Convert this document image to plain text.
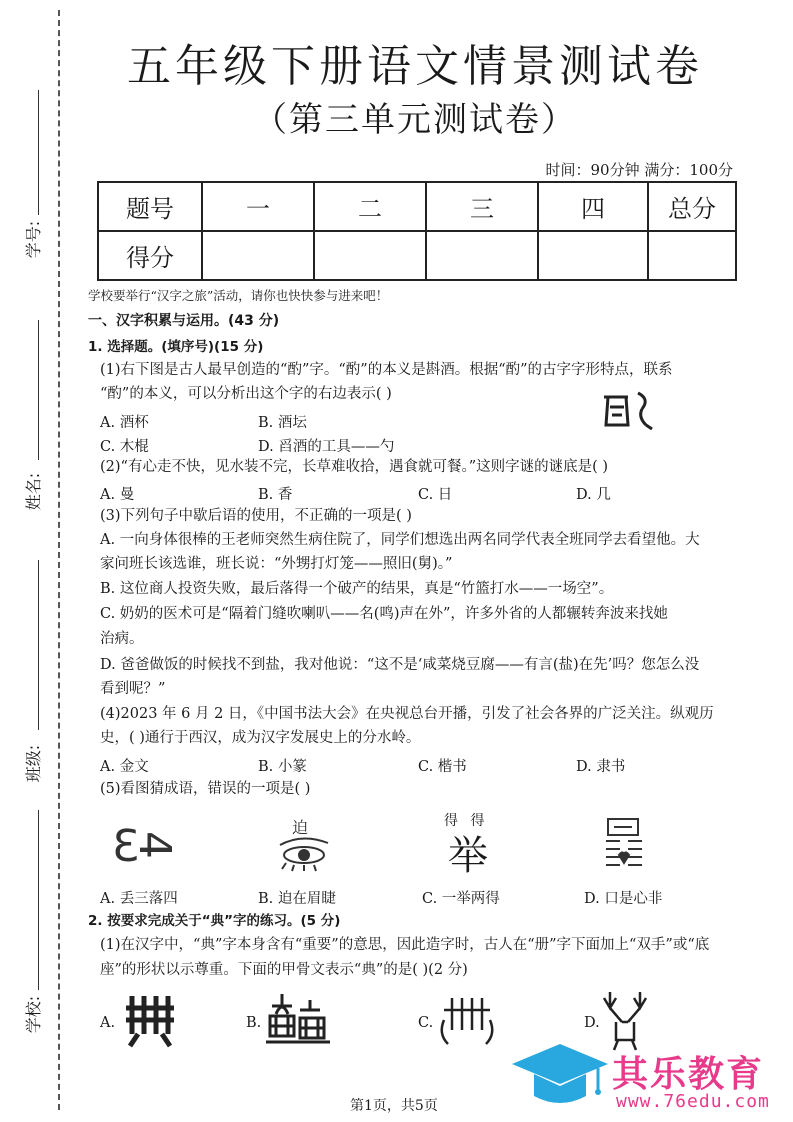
学号:
姓名:
班级:
学校:
五年级下册语文情景测试卷
（第三单元测试卷）
时间：90分钟 满分：100分
题号	一	二	三	四	总分
得分					
学校要举行“汉字之旅”活动，请你也快快参与进来吧！
一、汉字积累与运用。(43 分)
1. 选择题。(填序号)(15 分)
(1)右下图是古人最早创造的“酌”字。“酌”的本义是斟酒。根据“酌”的古字字形特点，联系
“酌”的本义，可以分析出这个字的右边表示( )
A. 酒杯	B. 酒坛
C. 木棍	D. 舀酒的工具——勺
(2)“有心走不快，见水装不完，长草难收拾，遇食就可餐。”这则字谜的谜底是( )
A. 曼	B. 香	C. 日	D. 几
(3)下列句子中歇后语的使用，不正确的一项是( )
A. 一向身体很棒的王老师突然生病住院了，同学们想选出两名同学代表全班同学去看望他。大
家问班长该选谁，班长说：“外甥打灯笼——照旧(舅)。”
B. 这位商人投资失败，最后落得一个破产的结果，真是“竹篮打水——一场空”。
C. 奶奶的医术可是“隔着门缝吹喇叭——名(鸣)声在外”，许多外省的人都辗转奔波来找她
治病。
D. 爸爸做饭的时候找不到盐，我对他说：“这不是‘咸菜烧豆腐——有言(盐)在先’吗？您怎么没
看到呢？”
(4)2023 年 6 月 2 日，《中国书法大会》在央视总台开播，引发了社会各界的广泛关注。纵观历
史，( )通行于西汉，成为汉字发展史上的分水岭。
A. 金文	B. 小篆	C. 楷书	D. 隶书
(5)看图猜成语，错误的一项是( )
3
4
迫	得 得
举
A. 丢三落四	B. 迫在眉睫	C. 一举两得	D. 口是心非
2. 按要求完成关于“典”字的练习。(5 分)
(1)在汉字中，“典”字本身含有“重要”的意思，因此造字时，古人在“册”字下面加上“双手”或“底
座”的形状以示尊重。下面的甲骨文表示“典”的是( )(2 分)
A.	B.	C.	D.
第1页，共5页
其乐教育
www.76edu.com
